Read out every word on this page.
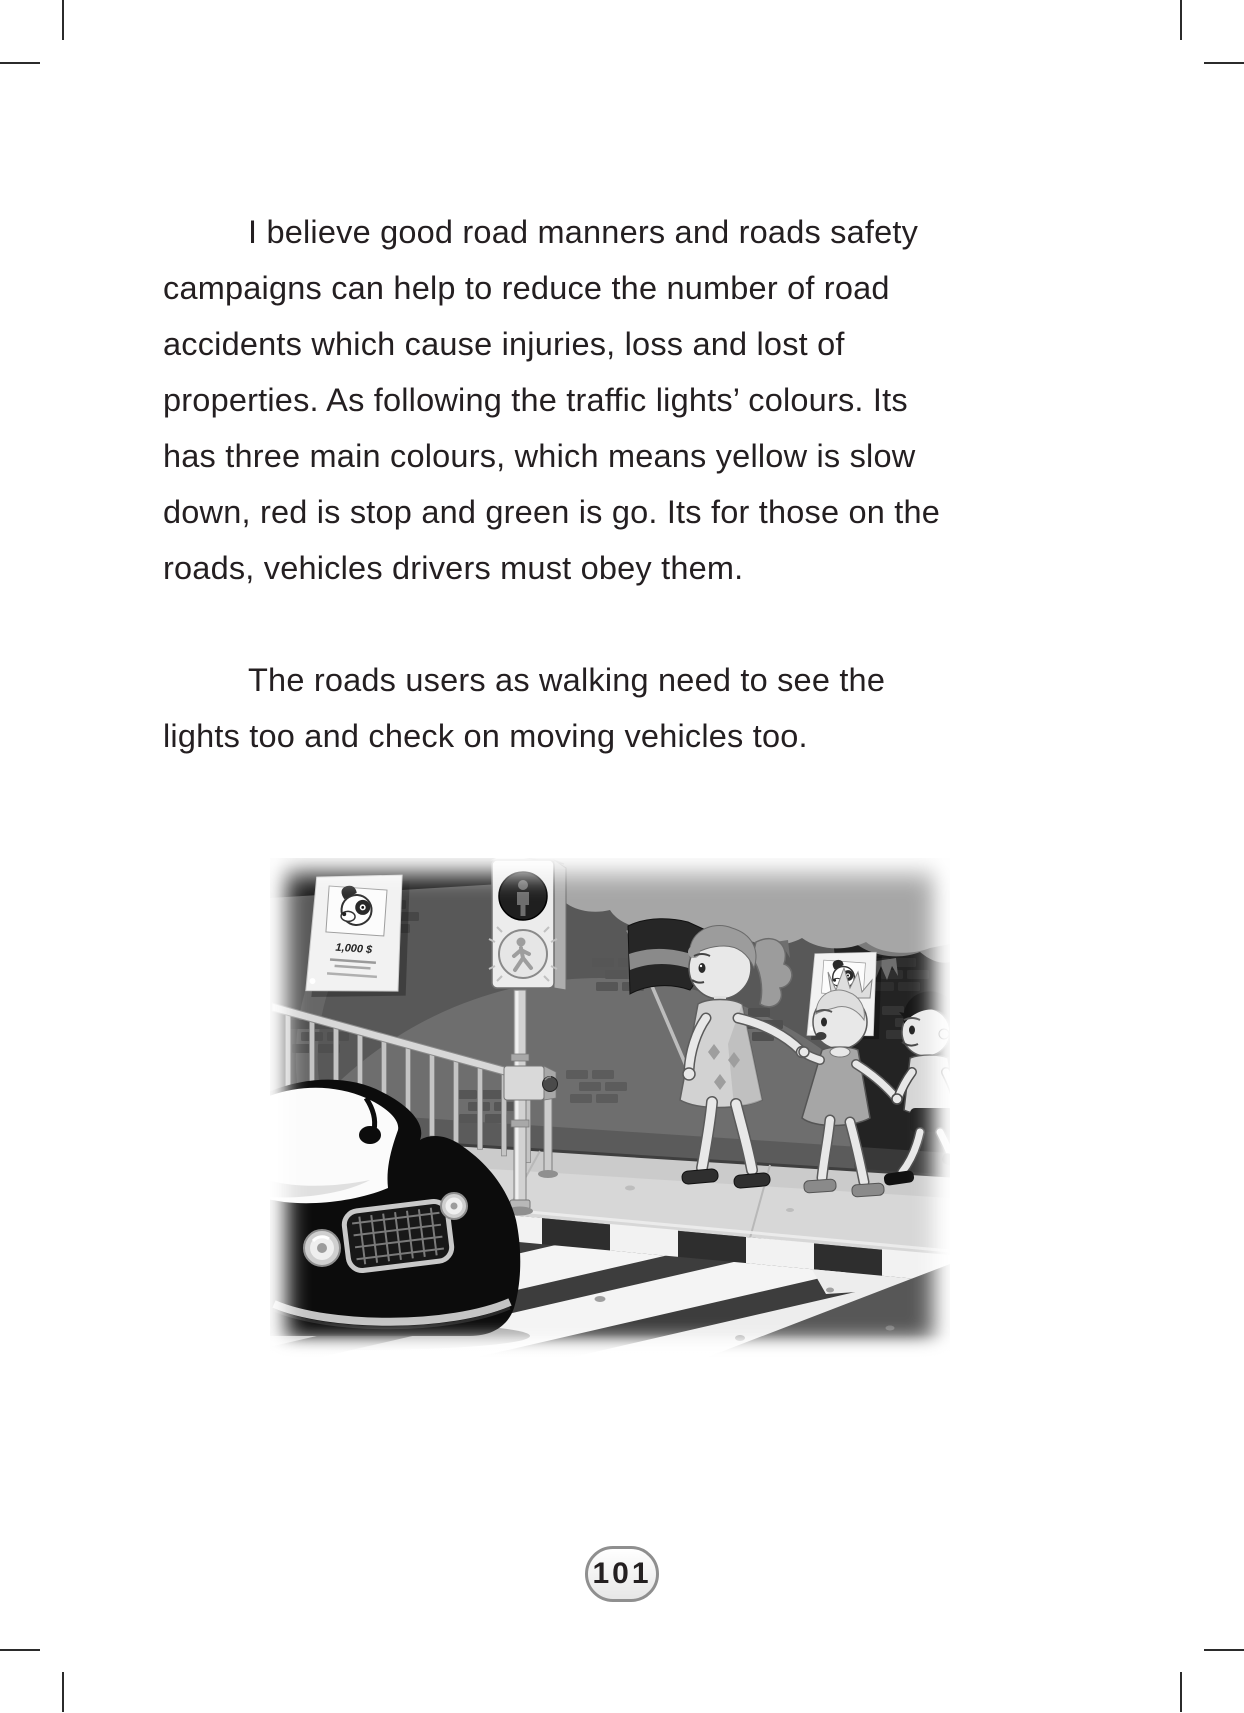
I believe good road manners and roads safety
campaigns can help to reduce the number of road
accidents which cause injuries, loss and lost of
properties. As following the traffic lights’ colours. Its
has three main colours, which means yellow is slow
down, red is stop and green is go. Its for those on the
roads, vehicles drivers must obey them.
The roads users as walking need to see the
lights too and check on moving vehicles too.
101
